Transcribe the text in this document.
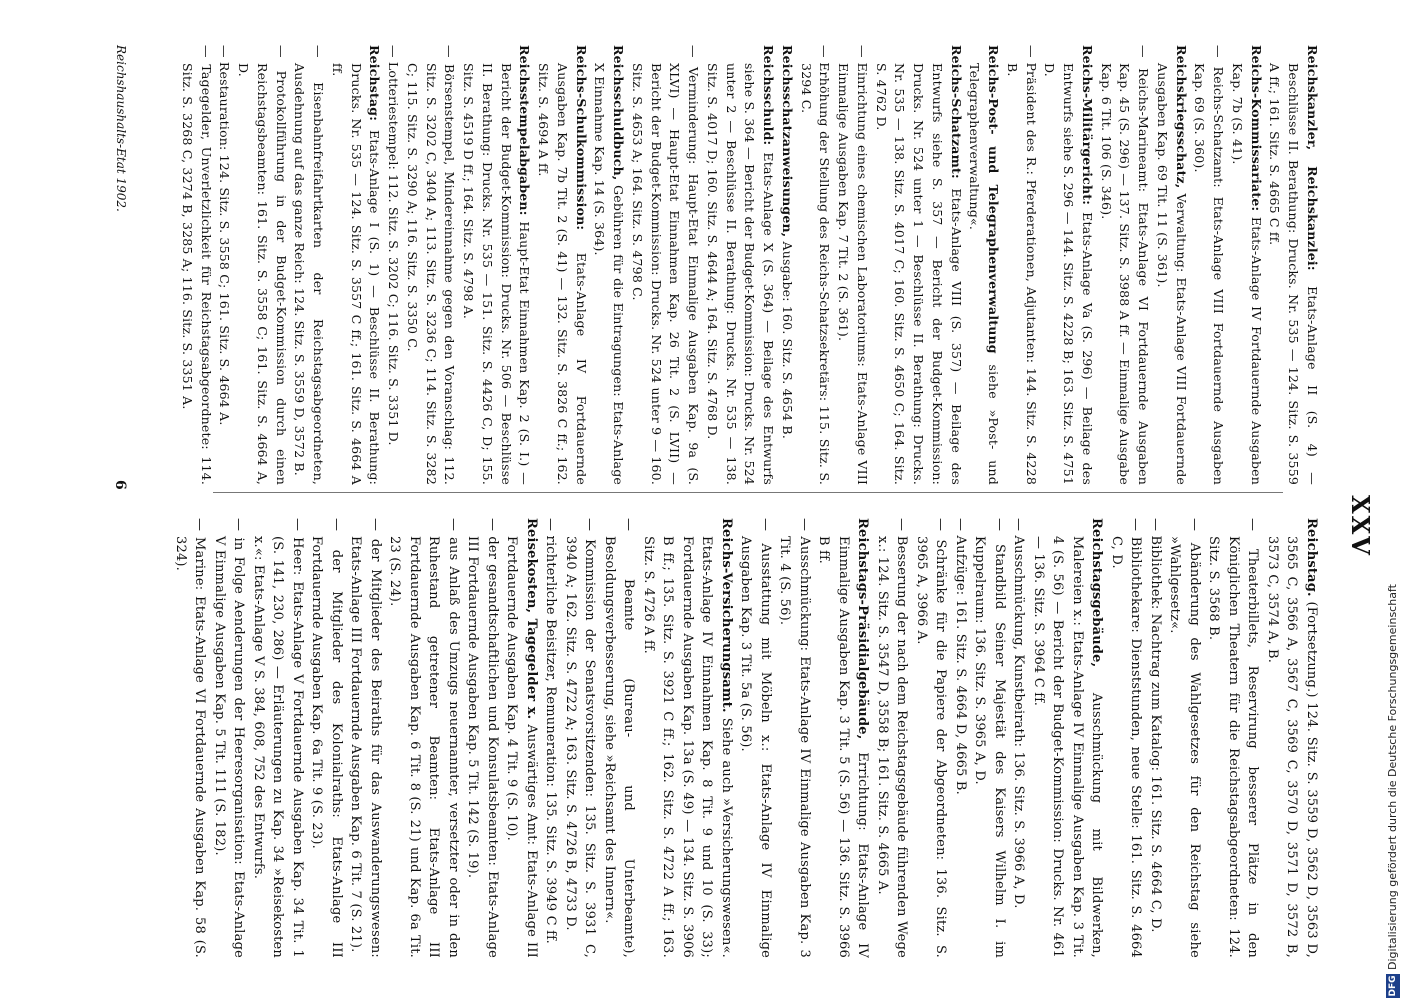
XXV

Reichskanzler, Reichskanzlei: Etats-Anlage II (S. 4) — Beschlüsse II. Berathung: Drucks. Nr. 535 — 124. Sitz. S. 3559 A ff.; 161. Sitz. S. 4665 C ff.

Reichs-Kommissariate: Etats-Anlage IV Fortdauernde Ausgaben Kap. 7b (S. 41).

— Reichs-Schatzamt: Etats-Anlage VIII Fortdauernde Ausgaben Kap. 69 (S. 360).

Reichskriegsschatz, Verwaltung: Etats-Anlage VIII Fortdauernde Ausgaben Kap. 69 Tit. 11 (S. 361).

— Reichs-Marineamt: Etats-Anlage VI Fortdauernde Ausgaben Kap. 45 (S. 296) — 137. Sitz. S. 3988 A ff. — Einmalige Ausgabe Kap. 6 Tit. 106 (S. 346).

Reichs-Militärgericht: Etats-Anlage Va (S. 296) — Beilage des Entwurfs siehe S. 296 — 144. Sitz. S. 4228 B; 163. Sitz. S. 4751 D.

— Präsident des R.: Pferderationen, Adjutanten: 144. Sitz. S. 4228 B.

Reichs-Post- und Telegraphenverwaltung siehe »Post- und Telegraphenverwaltung«.

Reichs-Schatzamt: Etats-Anlage VIII (S. 357) — Beilage des Entwurfs siehe S. 357 — Bericht der Budget-Kommission: Drucks. Nr. 524 unter 1 — Beschlüsse II. Berathung: Drucks. Nr. 535 — 138. Sitz. S. 4017 C; 160. Sitz. S. 4650 C; 164. Sitz. S. 4762 D.

— Einrichtung eines chemischen Laboratoriums: Etats-Anlage VIII Einmalige Ausgaben Kap. 7 Tit. 2 (S. 361).

— Erhöhung der Stellung des Reichs-Schatzsekretärs: 115. Sitz. S. 3294 C.

Reichsschatzanweisungen, Ausgabe: 160. Sitz. S. 4654 B.

Reichsschuld: Etats-Anlage X (S. 364) — Beilage des Entwurfs siehe S. 364 — Bericht der Budget-Kommission: Drucks. Nr. 524 unter 2 — Beschlüsse II. Berathung: Drucks. Nr. 535 — 138. Sitz. S. 4017 D; 160. Sitz. S. 4644 A; 164. Sitz. S. 4768 D.

— Verminderung: Haupt-Etat Einmalige Ausgaben Kap. 9a (S. XLVI) — Haupt-Etat Einnahmen Kap. 26 Tit. 2 (S. LVII) — Bericht der Budget-Kommission: Drucks. Nr. 524 unter 9 — 160. Sitz. S. 4653 A; 164. Sitz. S. 4798 C.

Reichsschuldbuch, Gebühren für die Eintragungen: Etats-Anlage X Einnahme Kap. 14 (S. 364).

Reichs-Schulkommission: Etats-Anlage IV Fortdauernde Ausgaben Kap. 7b Tit. 2 (S. 41) — 132. Sitz. S. 3826 C ff.; 162. Sitz. S. 4694 A ff.

Reichsstempelabgaben: Haupt-Etat Einnahmen Kap. 2 (S. I.) — Bericht der Budget-Kommission: Drucks. Nr. 506 — Beschlüsse II. Berathung: Drucks. Nr. 535 — 151. Sitz. S. 4426 C, D; 155. Sitz. S. 4519 D ff.; 164. Sitz. S. 4798 A.

— Börsenstempel, Mindereinnahme gegen den Voranschlag: 112. Sitz. S. 3202 C, 3404 A; 113. Sitz. S. 3236 C; 114. Sitz. S. 3282 C; 115. Sitz. S. 3290 A; 116. Sitz. S. 3350 C.

— Lotteriestempel: 112. Sitz. S. 3202 C; 116. Sitz. S. 3351 D.

Reichstag: Etats-Anlage I (S. 1) — Beschlüsse II. Berathung: Drucks. Nr. 535 — 124. Sitz. S. 3557 C ff.; 161. Sitz. S. 4664 A ff.

— Eisenbahnfreifahrtkarten der Reichstagsabgeordneten, Ausdehnung auf das ganze Reich: 124. Sitz. S. 3559 D, 3572 B.

— Protokollführung in der Budget-Kommission durch einen Reichstagsbeamten: 161. Sitz. S. 3558 C; 161. Sitz. S. 4664 A, D.

— Restauration: 124. Sitz. S. 3558 C; 161. Sitz. S. 4664 A.

— Tagegelder, Unverletzlichkeit für Reichstagsabgeordnete: 114. Sitz. S. 3268 C, 3274 B, 3285 A; 116. Sitz. S. 3351 A.

Reichstag. (Fortsetzung.) 124. Sitz. S. 3559 D, 3562 D, 3563 D, 3565 C, 3566 A, 3567 C, 3569 C, 3570 D, 3571 D, 3572 B, 3573 C, 3574 A, B.

— Theaterbillets, Reservirung besserer Plätze in den Königlichen Theatern für die Reichstagsabgeordneten: 124. Sitz. S. 3568 B.

— Abänderung des Wahlgesetzes für den Reichstag siehe »Wahlgesetz«.

— Bibliothek: Nachtrag zum Katalog: 161. Sitz. S. 4664 C, D.

— Bibliothekare: Dienststunden, neue Stelle: 161. Sitz. S. 4664 C, D.

Reichstagsgebäude, Ausschmückung mit Bildwerken, Malereien x.: Etats-Anlage IV Einmalige Ausgaben Kap. 3 Tit. 4 (S. 56) — Bericht der Budget-Kommission: Drucks. Nr. 461 — 136. Sitz. S. 3964 C ff.

— Ausschmückung, Kunstbeirath: 136. Sitz. S. 3966 A, D.

— Standbild Seiner Majestät des Kaisers Wilhelm I. im Kuppelraum: 136. Sitz. S. 3965 A, D.

— Aufzüge: 161. Sitz. S. 4664 D, 4665 B.

— Schränke für die Papiere der Abgeordneten: 136. Sitz. S. 3965 A, 3966 A.

— Besserung der nach dem Reichstagsgebäude führenden Wege x.: 124. Sitz. S. 3547 D, 3558 B; 161. Sitz. S. 4665 A.

Reichstags-Präsidialgebäude, Errichtung: Etats-Anlage IV Einmalige Ausgaben Kap. 3 Tit. 5 (S. 56) — 136. Sitz. S. 3966 B ff.

— Ausschmückung: Etats-Anlage IV Einmalige Ausgaben Kap. 3 Tit. 4 (S. 56).

— Ausstattung mit Möbeln x.: Etats-Anlage IV Einmalige Ausgaben Kap. 3 Tit. 5a (S. 56).

Reichs-Versicherungsamt. Siehe auch »Versicherungswesen«. Etats-Anlage IV Einnahmen Kap. 8 Tit. 9 und 10 (S. 33); Fortdauernde Ausgaben Kap. 13a (S. 49) — 134. Sitz. S. 3906 B ff.; 135. Sitz. S. 3921 C ff.; 162. Sitz. S. 4722 A ff.; 163. Sitz. S. 4726 A ff.

— Beamte (Bureau- und Unterbeamte), Besoldungsverbesserung, siehe »Reichsamt des Innern«.

— Kommission der Senatsvorsitzenden: 135. Sitz. S. 3931 C, 3940 A; 162. Sitz. S. 4722 A; 163. Sitz. S. 4726 B, 4733 D.

— richterliche Beisitzer, Remuneration: 135. Sitz. S. 3949 C ff.

Reisekosten, Tagegelder x. Auswärtiges Amt: Etats-Anlage III Fortdauernde Ausgaben Kap. 4 Tit. 9 (S. 10).

— der gesandtschaftlichen und Konsulatsbeamten: Etats-Anlage III Fortdauernde Ausgaben Kap. 5 Tit. 142 (S. 19).

— aus Anlaß des Umzugs neuernannter, versetzter oder in den Ruhestand getretener Beamten: Etats-Anlage III Fortdauernde Ausgaben Kap. 6 Tit. 8 (S. 21) und Kap. 6a Tit. 23 (S. 24).

— der Mitglieder des Beiraths für das Auswanderungswesen: Etats-Anlage III Fortdauernde Ausgaben Kap. 6 Tit. 7 (S. 21).

— der Mitglieder des Kolonialraths: Etats-Anlage III Fortdauernde Ausgaben Kap. 6a Tit. 9 (S. 23).

— Heer: Etats-Anlage V Fortdauernde Ausgaben Kap. 34 Tit. 1 (S. 141, 230, 286) — Erläuterungen zu Kap. 34 »Reisekosten x.«: Etats-Anlage V S. 384, 608, 752 des Entwurfs.

— in Folge Aenderungen der Heeresorganisation: Etats-Anlage V Einmalige Ausgaben Kap. 5 Tit. 111 (S. 182).

— Marine: Etats-Anlage VI Fortdauernde Ausgaben Kap. 58 (S. 324).

Reichshaushalts-Etat 1902.
6
DFG
Digitalisierung gefördert durch die Deutsche Forschungsgemeinschaft
